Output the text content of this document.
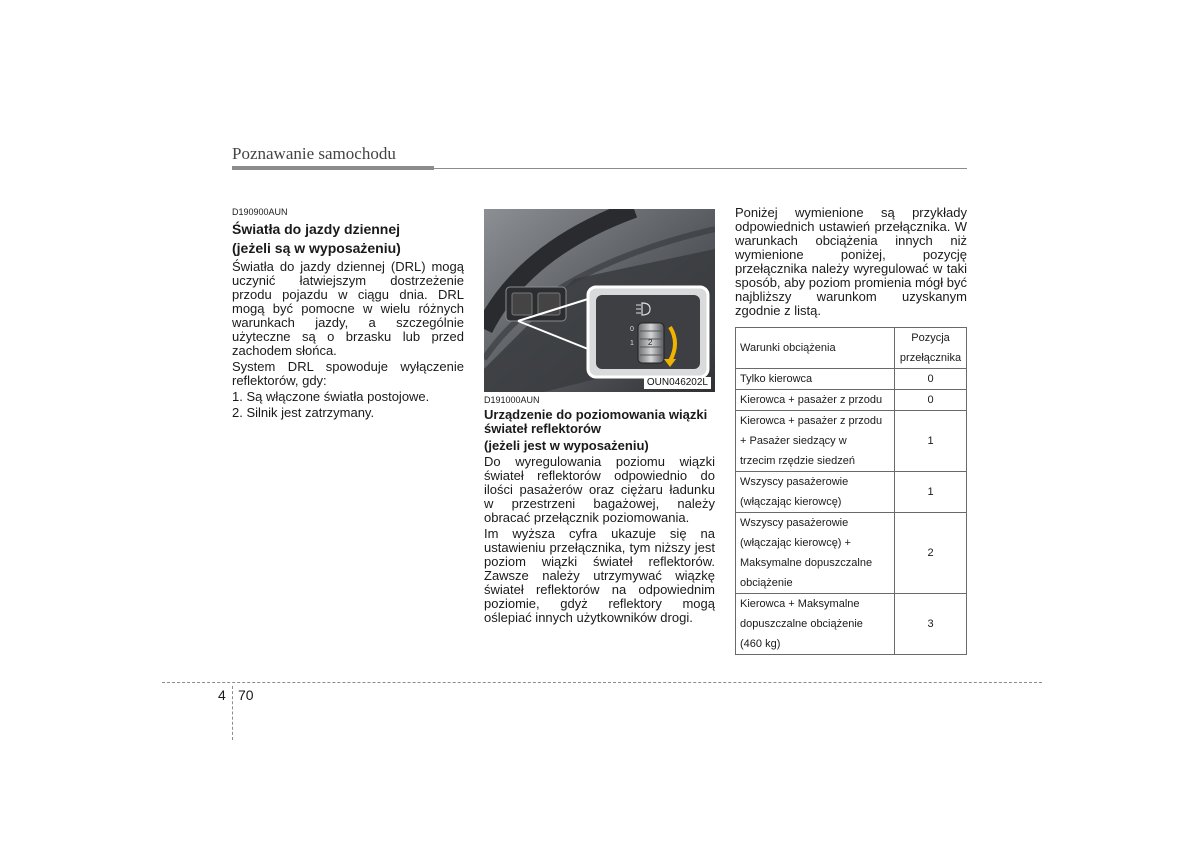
Poznawanie samochodu
D190900AUN
Światła do jazdy dziennej
(jeżeli są w wyposażeniu)

Światła do jazdy dziennej (DRL) mogą uczynić łatwiejszym dostrzeżenie przodu pojazdu w ciągu dnia. DRL mogą być pomocne w wielu różnych warunkach jazdy, a szczególnie użyteczne są o brzasku lub przed zachodem słońca.

System DRL spowoduje wyłączenie reflektorów, gdy:

1. Są włączone światła postojowe.

2. Silnik jest zatrzymany.

0
1 2
OUN046202L
D191000AUN
Urządzenie do poziomowania wiązki
świateł reflektorów
(jeżeli jest w wyposażeniu)

Do wyregulowania poziomu wiązki świateł reflektorów odpowiednio do ilości pasażerów oraz ciężaru ładunku w przestrzeni bagażowej, należy obracać przełącznik poziomowania.

Im wyższa cyfra ukazuje się na ustawieniu przełącznika, tym niższy jest poziom wiązki świateł reflektorów. Zawsze należy utrzymywać wiązkę świateł reflektorów na odpowiednim poziomie, gdyż reflektory mogą oślepiać innych użytkowników drogi.

Poniżej wymienione są przykłady odpowiednich ustawień przełącznika. W warunkach obciążenia innych niż wymienione poniżej, pozycję przełącznika należy wyregulować w taki sposób, aby poziom promienia mógł być najbliższy warunkom uzyskanym zgodnie z listą.

Warunki obciążenia	Pozycja
przełącznika

Tylko kierowca	0

Kierowca + pasażer z przodu	0

Kierowca + pasażer z przodu
+ Pasażer siedzący w
trzecim rzędzie siedzeń	1

Wszyscy pasażerowie
(włączając kierowcę)	1

Wszyscy pasażerowie
(włączając kierowcę) +
Maksymalne dopuszczalne
obciążenie	2

Kierowca + Maksymalne
dopuszczalne obciążenie
(460 kg)	3
4 70
